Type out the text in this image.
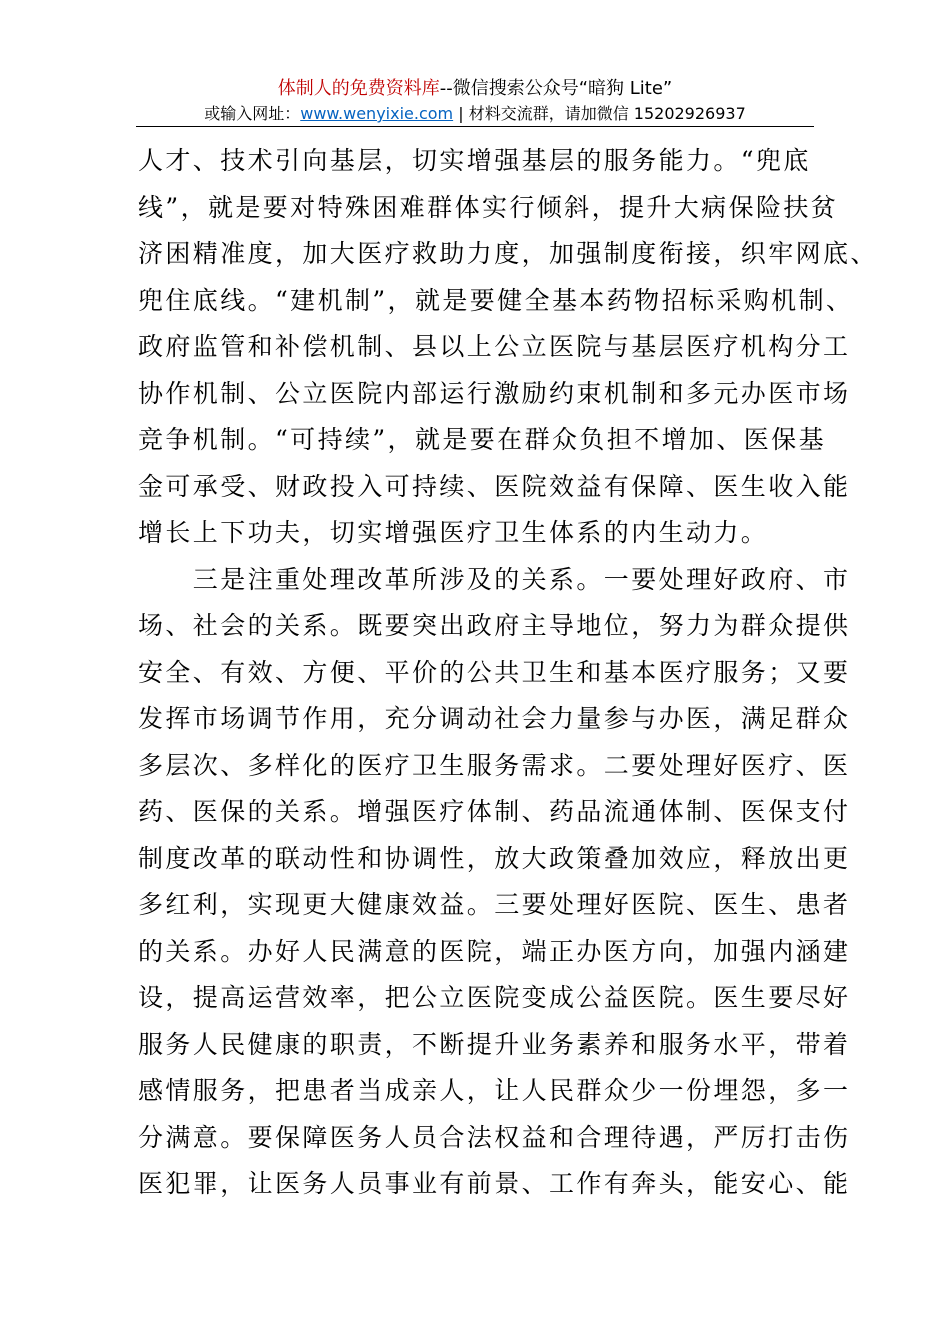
体制人的免费资料库--微信搜索公众号“暗狗 Lite”
或输入网址：www.wenyixie.com | 材料交流群，请加微信 15202926937
人才、技术引向基层，切实增强基层的服务能力。“兜底
线”，就是要对特殊困难群体实行倾斜，提升大病保险扶贫
济困精准度，加大医疗救助力度，加强制度衔接，织牢网底、
兜住底线。“建机制”，就是要健全基本药物招标采购机制、
政府监管和补偿机制、县以上公立医院与基层医疗机构分工
协作机制、公立医院内部运行激励约束机制和多元办医市场
竞争机制。“可持续”，就是要在群众负担不增加、医保基
金可承受、财政投入可持续、医院效益有保障、医生收入能
增长上下功夫，切实增强医疗卫生体系的内生动力。
　　三是注重处理改革所涉及的关系。一要处理好政府、市
场、社会的关系。既要突出政府主导地位，努力为群众提供
安全、有效、方便、平价的公共卫生和基本医疗服务；又要
发挥市场调节作用，充分调动社会力量参与办医，满足群众
多层次、多样化的医疗卫生服务需求。二要处理好医疗、医
药、医保的关系。增强医疗体制、药品流通体制、医保支付
制度改革的联动性和协调性，放大政策叠加效应，释放出更
多红利，实现更大健康效益。三要处理好医院、医生、患者
的关系。办好人民满意的医院，端正办医方向，加强内涵建
设，提高运营效率，把公立医院变成公益医院。医生要尽好
服务人民健康的职责，不断提升业务素养和服务水平，带着
感情服务，把患者当成亲人，让人民群众少一份埋怨，多一
分满意。要保障医务人员合法权益和合理待遇，严厉打击伤
医犯罪，让医务人员事业有前景、工作有奔头，能安心、能
